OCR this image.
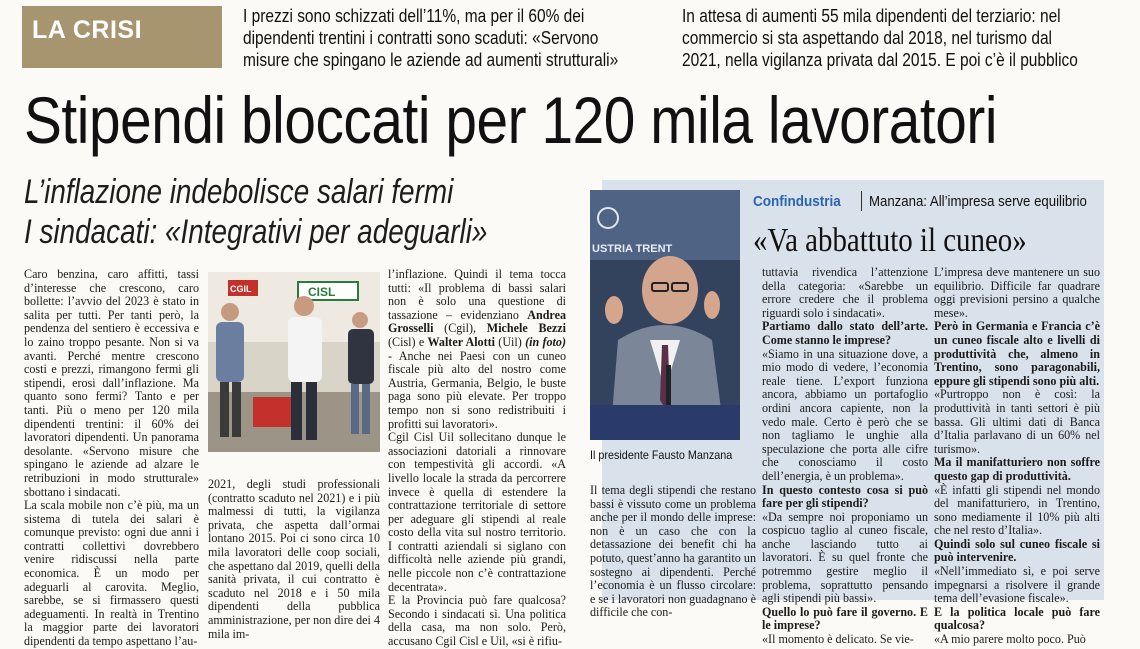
LA CRISI	I prezzi sono schizzati dell’11%, ma per il 60% dei
dipendenti trentini i contratti sono scaduti: «Servono
misure che spingano le aziende ad aumenti strutturali»
In attesa di aumenti 55 mila dipendenti del terziario: nel
commercio si sta aspettando dal 2018, nel turismo dal
2021, nella vigilanza privata dal 2015. E poi c’è il pubblico
Stipendi bloccati per 120 mila lavoratori
L’inflazione indebolisce salari fermi
I sindacati: «Integrativi per adeguarli»

Caro benzina, caro affitti, tassi d’interesse che crescono, caro bollette: l’avvio del 2023 è stato in salita per tutti. Per tanti però, la pendenza del sentiero è eccessiva e lo zaino troppo pesante. Non si va avanti. Perché mentre crescono costi e prezzi, rimangono fermi gli stipendi, erosi dall’inflazione. Ma quanto sono fermi? Tanto e per tanti. Più o meno per 120 mila dipendenti trentini: il 60% dei lavoratori dipendenti. Un panorama desolante. «Servono misure che spingano le aziende ad alzare le retribuzioni in modo strutturale» sbottano i sindacati.

La scala mobile non c’è più, ma un sistema di tutela dei salari è comunque previsto: ogni due anni i contratti collettivi dovrebbero venire ridiscussi nella parte economica. È un modo per adeguarli al carovita. Meglio, sarebbe, se si firmassero questi adeguamenti. In realtà in Trentino la maggior parte dei lavoratori dipendenti da tempo aspettano l’au-

CISL
CGIL
2021, degli studi professionali (contratto scaduto nel 2021) e i più malmessi di tutti, la vigilanza privata, che aspetta dall’ormai lontano 2015. Poi ci sono circa 10 mila lavoratori delle coop sociali, che aspettano dal 2019, quelli della sanità privata, il cui contratto è scaduto nel 2018 e i 50 mila dipendenti della pubblica amministrazione, per non dire dei 4 mila im-

l’inflazione. Quindi il tema tocca tutti: «Il problema di bassi salari non è solo una questione di tassazione – evidenziano Andrea Grosselli (Cgil), Michele Bezzi (Cisl) e Walter Alotti (Uil) (in foto) - Anche nei Paesi con un cuneo fiscale più alto del nostro come Austria, Germania, Belgio, le buste paga sono più elevate. Per troppo tempo non si sono redistribuiti i profitti sui lavoratori».

Cgil Cisl Uil sollecitano dunque le associazioni datoriali a rinnovare con tempestività gli accordi. «A livello locale la strada da percorrere invece è quella di estendere la contrattazione territoriale di settore per adeguare gli stipendi al reale costo della vita sul nostro territorio. I contratti aziendali si siglano con difficoltà nelle aziende più grandi, nelle piccole non c’è contrattazione decentrata».

E la Provincia può fare qualcosa? Secondo i sindacati sì. Una politica della casa, ma non solo. Però, accusano Cgil Cisl e Uil, «si è rifiu-

USTRIA TRENT
Il presidente Fausto Manzana
Confindustria Manzana: All’impresa serve equilibrio
«Va abbattuto il cuneo»
Il tema degli stipendi che restano bassi è vissuto come un problema anche per il mondo delle imprese: non è un caso che con la detassazione dei benefit chi ha potuto, quest’anno ha garantito un sostegno ai dipendenti. Perché l’economia è un flusso circolare: e se i lavoratori non guadagnano è difficile che con-

tuttavia rivendica l’attenzione della categoria: «Sarebbe un errore credere che il problema riguardi solo i sindacati».

Partiamo dallo stato dell’arte. Come stanno le imprese?

«Siamo in una situazione dove, a mio modo di vedere, l’economia reale tiene. L’export funziona ancora, abbiamo un portafoglio ordini ancora capiente, non la vedo male. Certo è però che se non tagliamo le unghie alla speculazione che porta alle cifre che conosciamo il costo dell’energia, è un problema».

In questo contesto cosa si può fare per gli stipendi?

«Da sempre noi proponiamo un cospicuo taglio al cuneo fiscale, anche lasciando tutto ai lavoratori. È su quel fronte che potremmo gestire meglio il problema, soprattutto pensando agli stipendi più bassi».

Quello lo può fare il governo. E le imprese?

«Il momento è delicato. Se vie-

L’impresa deve mantenere un suo equilibrio. Difficile far quadrare oggi previsioni persino a qualche mese».

Però in Germania e Francia c’è un cuneo fiscale alto e livelli di produttività che, almeno in Trentino, sono paragonabili, eppure gli stipendi sono più alti.

«Purtroppo non è così: la produttività in tanti settori è più bassa. Gli ultimi dati di Banca d’Italia parlavano di un 60% nel turismo».

Ma il manifatturiero non soffre questo gap di produttività.

«È infatti gli stipendi nel mondo del manifatturiero, in Trentino, sono mediamente il 10% più alti che nel resto d’Italia».

Quindi solo sul cuneo fiscale si può intervenire.

«Nell’immediato sì, e poi serve impegnarsi a risolvere il grande tema dell’evasione fiscale».

E la politica locale può fare qualcosa?

«A mio parere molto poco. Può
